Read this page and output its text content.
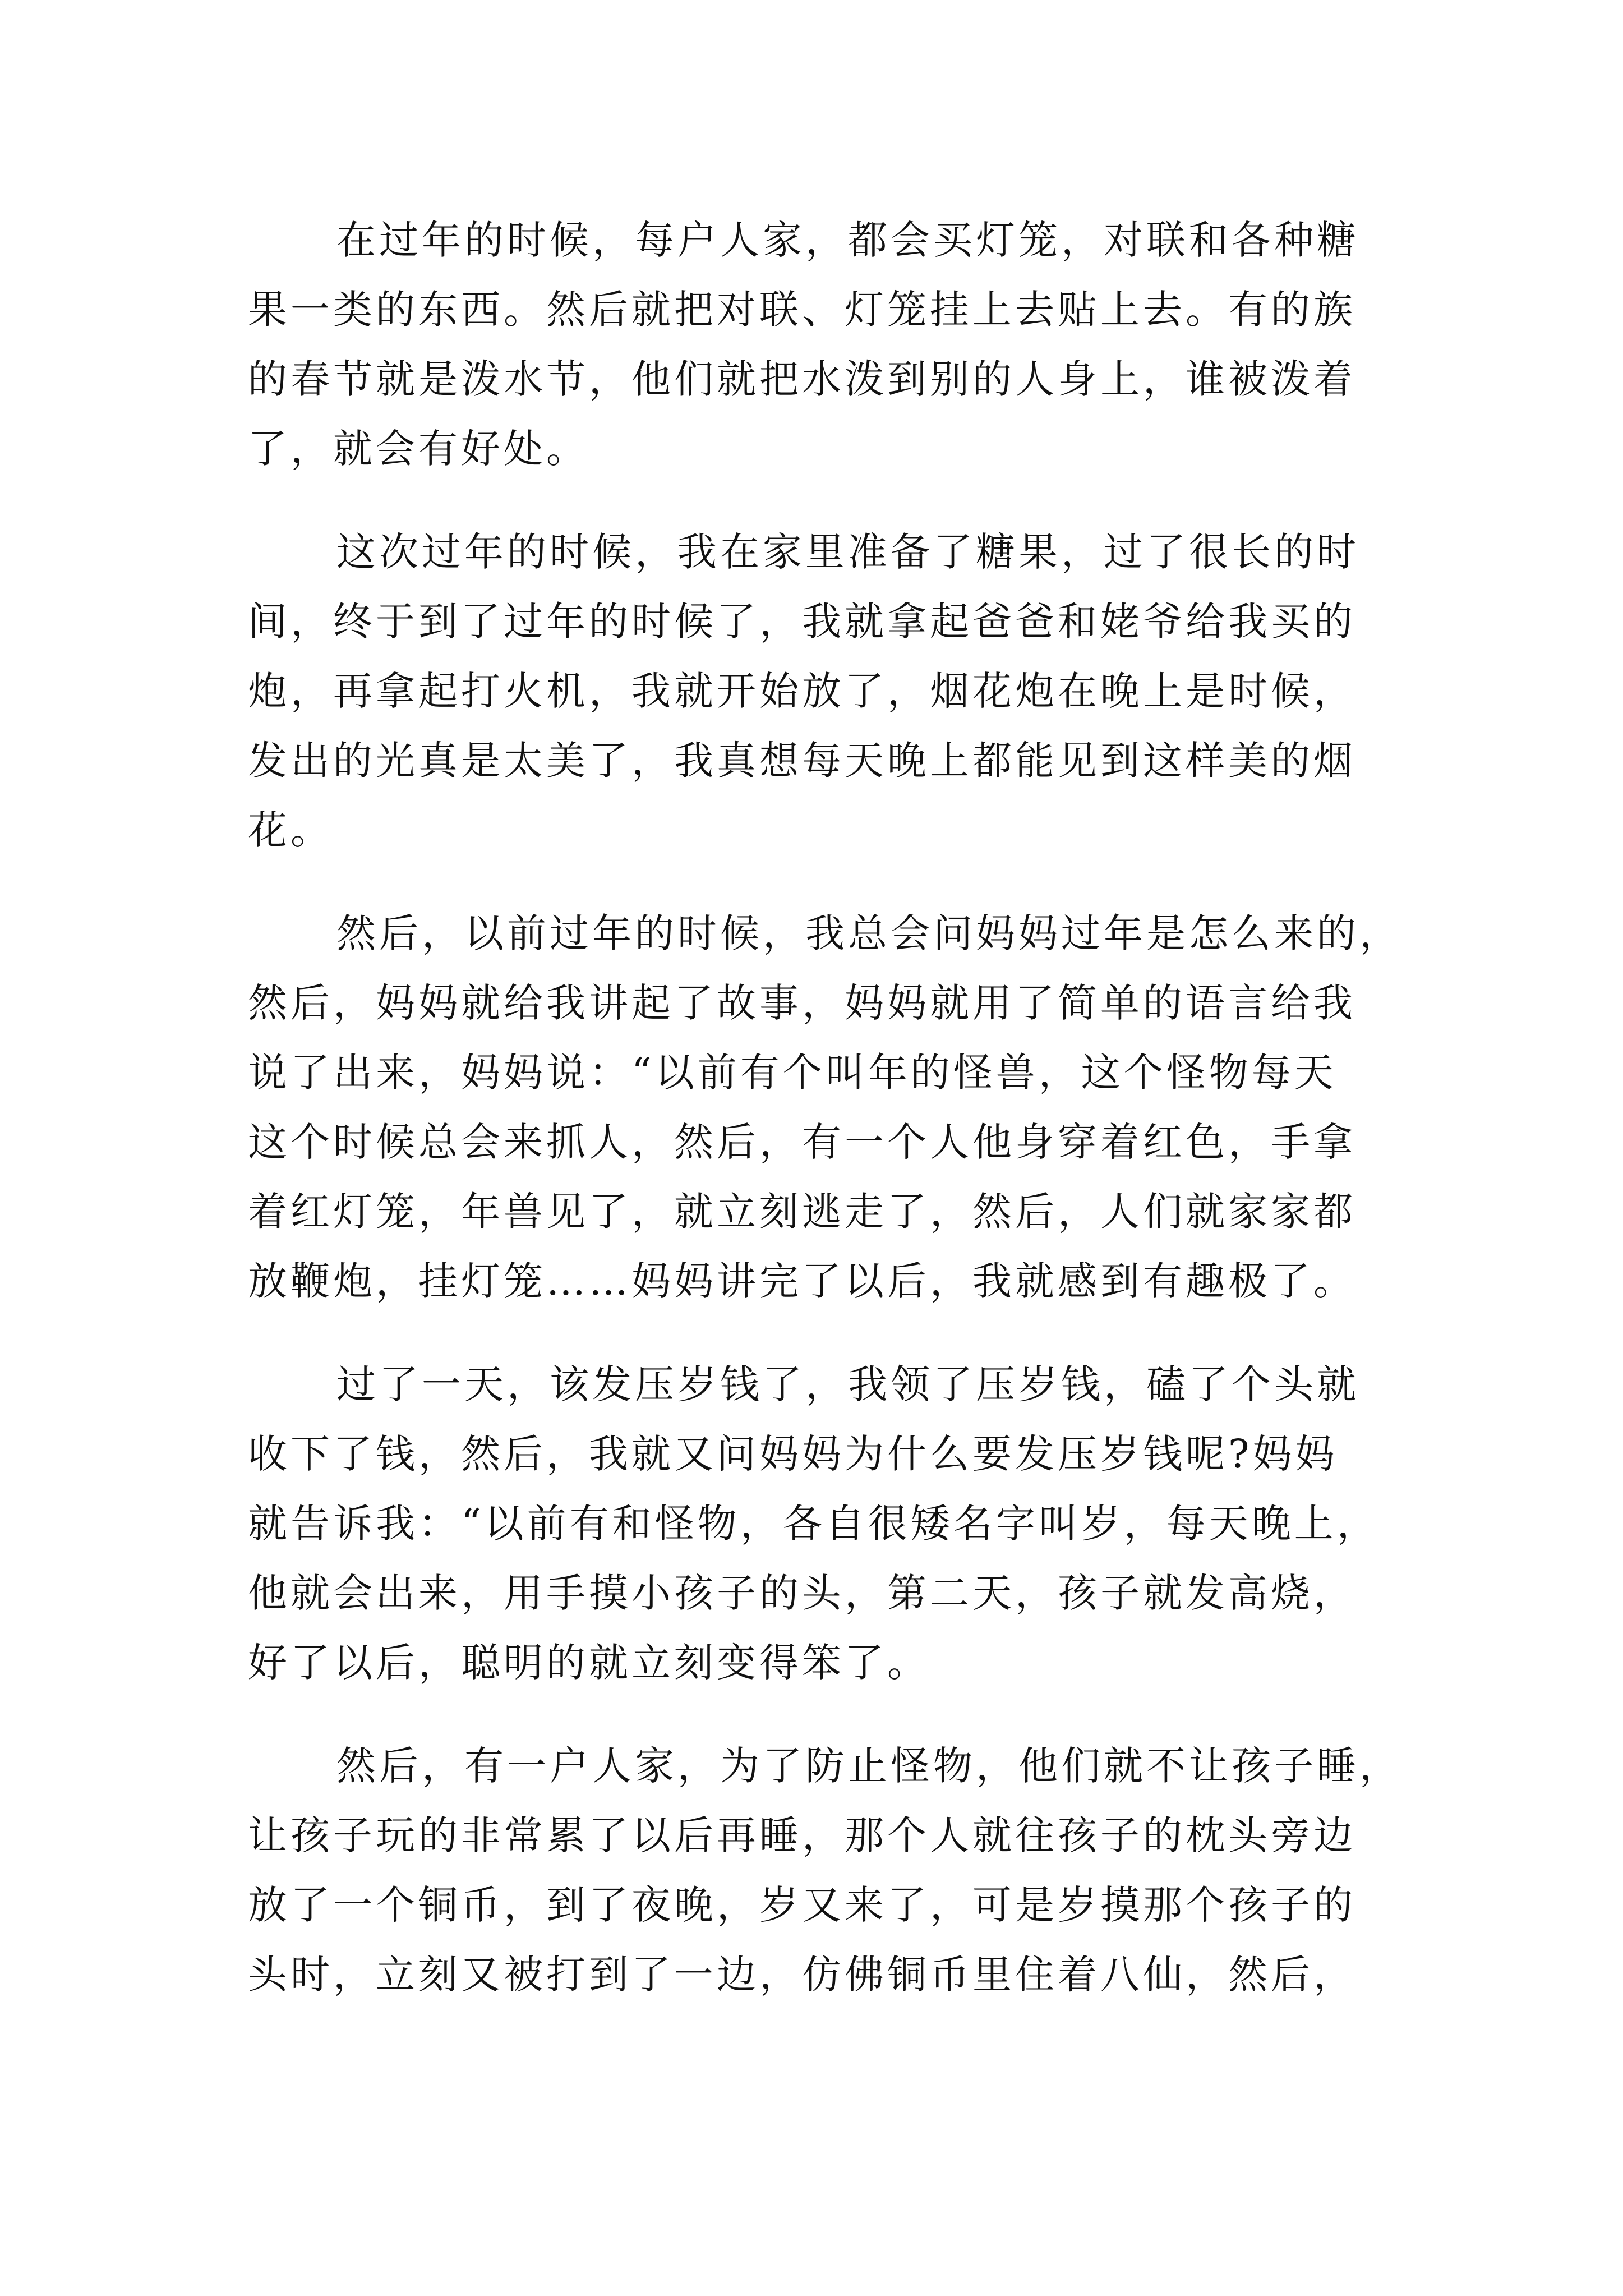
在过年的时候，每户人家，都会买灯笼，对联和各种糖
果一类的东西。然后就把对联、灯笼挂上去贴上去。有的族
的春节就是泼水节，他们就把水泼到别的人身上，谁被泼着
了，就会有好处。
这次过年的时候，我在家里准备了糖果，过了很长的时
间，终于到了过年的时候了，我就拿起爸爸和姥爷给我买的
炮，再拿起打火机，我就开始放了，烟花炮在晚上是时候，
发出的光真是太美了，我真想每天晚上都能见到这样美的烟
花。
然后，以前过年的时候，我总会问妈妈过年是怎么来的，
然后，妈妈就给我讲起了故事，妈妈就用了简单的语言给我
说了出来，妈妈说：“以前有个叫年的怪兽，这个怪物每天
这个时候总会来抓人，然后，有一个人他身穿着红色，手拿
着红灯笼，年兽见了，就立刻逃走了，然后，人们就家家都
放鞭炮，挂灯笼……妈妈讲完了以后，我就感到有趣极了。
过了一天，该发压岁钱了，我领了压岁钱，磕了个头就
收下了钱，然后，我就又问妈妈为什么要发压岁钱呢?妈妈
就告诉我：“以前有和怪物，各自很矮名字叫岁，每天晚上，
他就会出来，用手摸小孩子的头，第二天，孩子就发高烧，
好了以后，聪明的就立刻变得笨了。
然后，有一户人家，为了防止怪物，他们就不让孩子睡，
让孩子玩的非常累了以后再睡，那个人就往孩子的枕头旁边
放了一个铜币，到了夜晚，岁又来了，可是岁摸那个孩子的
头时，立刻又被打到了一边，仿佛铜币里住着八仙，然后，
